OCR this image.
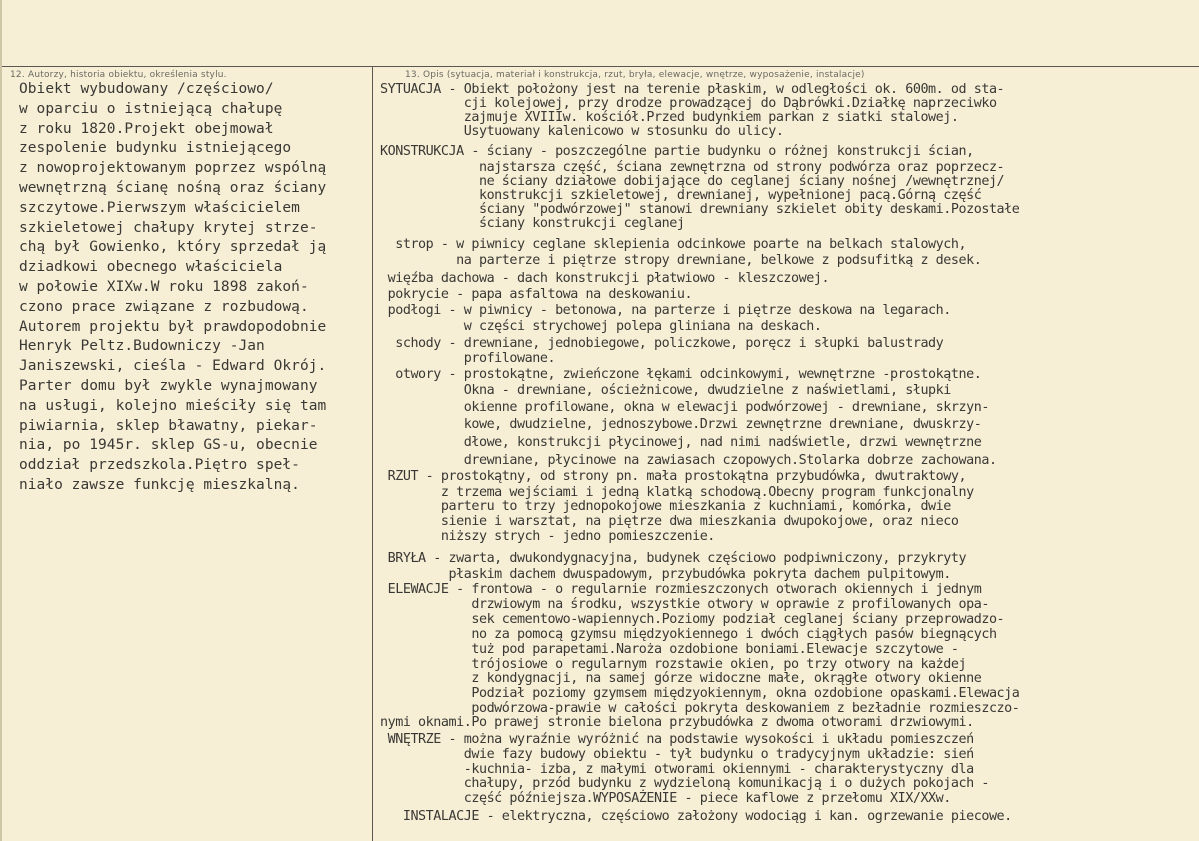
12. Autorzy, historia obiektu, określenia stylu.	13. Opis (sytuacja, materiał i konstrukcja, rzut, bryła, elewacje, wnętrze, wyposażenie, instalacje)
Obiekt wybudowany /częściowo/
w oparciu o istniejącą chałupę
z roku 1820.Projekt obejmował
zespolenie budynku istniejącego
z nowoprojektowanym poprzez wspólną
wewnętrzną ścianę nośną oraz ściany
szczytowe.Pierwszym właścicielem
szkieletowej chałupy krytej strze-
chą był Gowienko, który sprzedał ją
dziadkowi obecnego właściciela
w połowie XIXw.W roku 1898 zakoń-
czono prace związane z rozbudową.
Autorem projektu był prawdopodobnie
Henryk Peltz.Budowniczy -Jan
Janiszewski, cieśla - Edward Okrój.
Parter domu był zwykle wynajmowany
na usługi, kolejno mieściły się tam
piwiarnia, sklep bławatny, piekar-
nia, po 1945r. sklep GS-u, obecnie
oddział przedszkola.Piętro speł-
niało zawsze funkcję mieszkalną.
SYTUACJA - Obiekt położony jest na terenie płaskim, w odległości ok. 600m. od sta-
cji kolejowej, przy drodze prowadzącej do Dąbrówki.Działkę naprzeciwko
zajmuje XVIIIw. kościół.Przed budynkiem parkan z siatki stalowej.
Usytuowany kalenicowo w stosunku do ulicy.
KONSTRUKCJA - ściany - poszczególne partie budynku o różnej konstrukcji ścian,
najstarsza część, ściana zewnętrzna od strony podwórza oraz poprzecz-
ne ściany działowe dobijające do ceglanej ściany nośnej /wewnętrznej/
konstrukcji szkieletowej, drewnianej, wypełnionej pacą.Górną część
ściany "podwórzowej" stanowi drewniany szkielet obity deskami.Pozostałe
ściany konstrukcji ceglanej
strop - w piwnicy ceglane sklepienia odcinkowe poarte na belkach stalowych,
na parterze i piętrze stropy drewniane, belkowe z podsufitką z desek.
więźba dachowa - dach konstrukcji płatwiowo - kleszczowej.
pokrycie - papa asfaltowa na deskowaniu.
podłogi - w piwnicy - betonowa, na parterze i piętrze deskowa na legarach.
w części strychowej polepa gliniana na deskach.
schody - drewniane, jednobiegowe, policzkowe, poręcz i słupki balustrady
profilowane.
otwory - prostokątne, zwieńczone łękami odcinkowymi, wewnętrzne -prostokątne.
Okna - drewniane, ościeżnicowe, dwudzielne z naświetlami, słupki
okienne profilowane, okna w elewacji podwórzowej - drewniane, skrzyn-
kowe, dwudzielne, jednoszybowe.Drzwi zewnętrzne drewniane, dwuskrzy-
dłowe, konstrukcji płycinowej, nad nimi nadświetle, drzwi wewnętrzne
drewniane, płycinowe na zawiasach czopowych.Stolarka dobrze zachowana.
RZUT - prostokątny, od strony pn. mała prostokątna przybudówka, dwutraktowy,
z trzema wejściami i jedną klatką schodową.Obecny program funkcjonalny
parteru to trzy jednopokojowe mieszkania z kuchniami, komórka, dwie
sienie i warsztat, na piętrze dwa mieszkania dwupokojowe, oraz nieco
niższy strych - jedno pomieszczenie.
BRYŁA - zwarta, dwukondygnacyjna, budynek częściowo podpiwniczony, przykryty
płaskim dachem dwuspadowym, przybudówka pokryta dachem pulpitowym.
ELEWACJE - frontowa - o regularnie rozmieszczonych otworach okiennych i jednym
drzwiowym na środku, wszystkie otwory w oprawie z profilowanych opa-
sek cementowo-wapiennych.Poziomy podział ceglanej ściany przeprowadzo-
no za pomocą gzymsu międzyokiennego i dwóch ciągłych pasów biegnących
tuż pod parapetami.Naroża ozdobione boniami.Elewacje szczytowe -
trójosiowe o regularnym rozstawie okien, po trzy otwory na każdej
z kondygnacji, na samej górze widoczne małe, okrągłe otwory okienne
Podział poziomy gzymsem międzyokiennym, okna ozdobione opaskami.Elewacja
podwórzowa-prawie w całości pokryta deskowaniem z bezładnie rozmieszczo-
nymi oknami.Po prawej stronie bielona przybudówka z dwoma otworami drzwiowymi.
WNĘTRZE - można wyraźnie wyróżnić na podstawie wysokości i układu pomieszczeń
dwie fazy budowy obiektu - tył budynku o tradycyjnym układzie: sień
-kuchnia- izba, z małymi otworami okiennymi - charakterystyczny dla
chałupy, przód budynku z wydzieloną komunikacją i o dużych pokojach -
część późniejsza.WYPOSAŻENIE - piece kaflowe z przełomu XIX/XXw.
INSTALACJE - elektryczna, częściowo założony wodociąg i kan. ogrzewanie piecowe.
